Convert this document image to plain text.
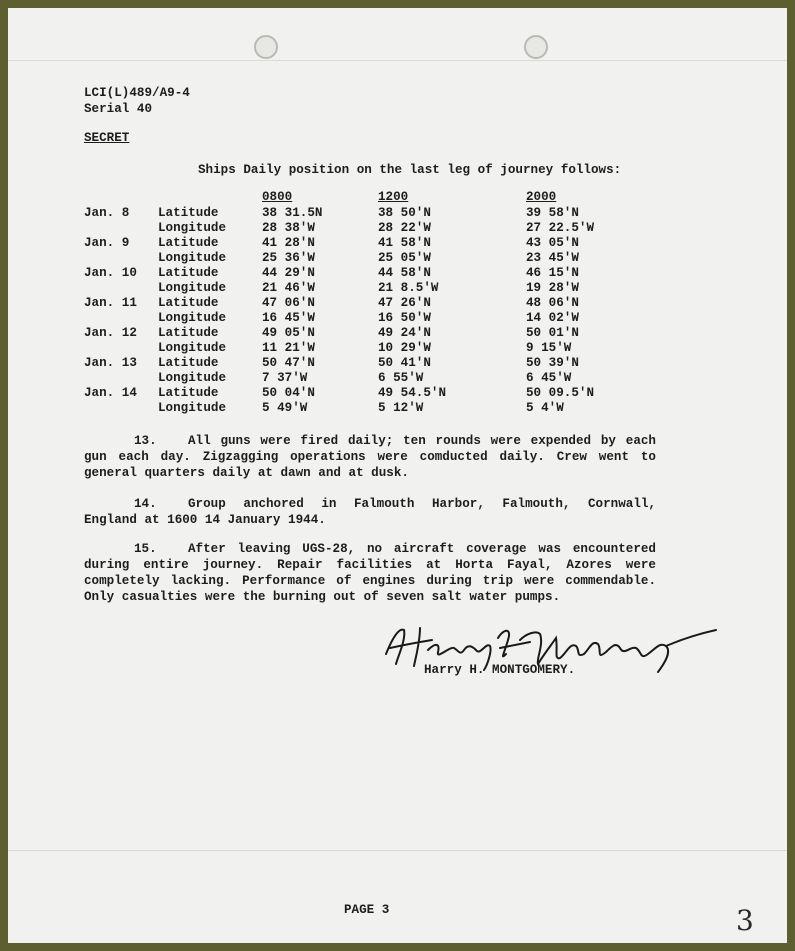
LCI(L)489/A9-4
Serial 40
SECRET
Ships Daily position on the last leg of journey follows:
0800	1200	2000
Jan. 8 Latitude	38 31.5N	38 50'N	39 58'N
Longitude	28 38'W	28 22'W	27 22.5'W
Jan. 9 Latitude	41 28'N	41 58'N	43 05'N
Longitude	25 36'W	25 05'W	23 45'W
Jan. 10 Latitude	44 29'N	44 58'N	46 15'N
Longitude	21 46'W	21 8.5'W	19 28'W
Jan. 11 Latitude	47 06'N	47 26'N	48 06'N
Longitude	16 45'W	16 50'W	14 02'W
Jan. 12 Latitude	49 05'N	49 24'N	50 01'N
Longitude	11 21'W	10 29'W	9 15'W
Jan. 13 Latitude	50 47'N	50 41'N	50 39'N
Longitude	7 37'W	6 55'W	6 45'W
Jan. 14 Latitude	50 04'N	49 54.5'N	50 09.5'N
Longitude	5 49'W	5 12'W	5 4'W
13. All guns were fired daily; ten rounds were expended by each gun each day. Zigzagging operations were comducted daily. Crew went to general quarters daily at dawn and at dusk.
14. Group anchored in Falmouth Harbor, Falmouth, Cornwall, England at 1600 14 January 1944.
15. After leaving UGS-28, no aircraft coverage was encountered during entire journey. Repair facilities at Horta Fayal, Azores were completely lacking. Performance of engines during trip were commendable. Only casualties were the burning out of seven salt water pumps.
Harry H. MONTGOMERY.
PAGE 3	3
